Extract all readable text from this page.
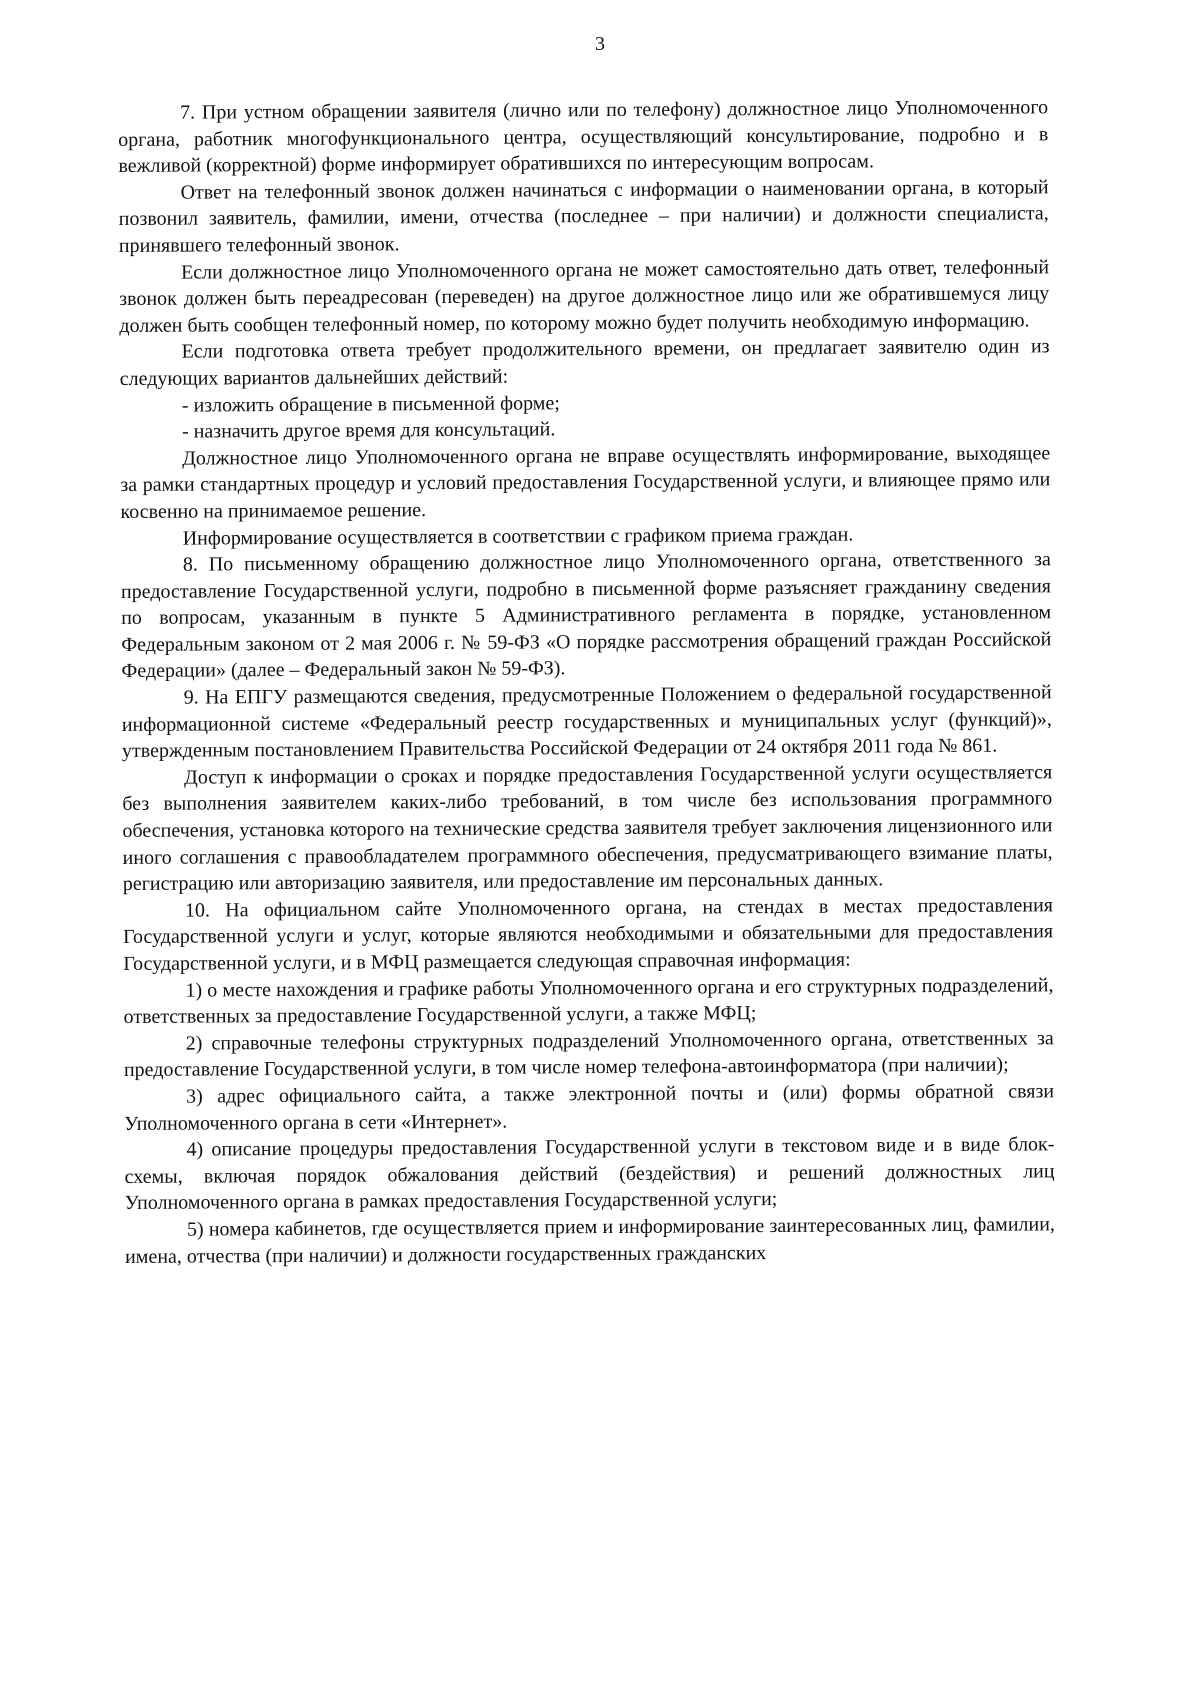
3

7. При устном обращении заявителя (лично или по телефону) должностное лицо Уполномоченного органа, работник многофункционального центра, осуществляющий консультирование, подробно и в вежливой (корректной) форме информирует обратившихся по интересующим вопросам.

Ответ на телефонный звонок должен начинаться с информации о наименовании органа, в который позвонил заявитель, фамилии, имени, отчества (последнее – при наличии) и должности специалиста, принявшего телефонный звонок.

Если должностное лицо Уполномоченного органа не может самостоятельно дать ответ, телефонный звонок должен быть переадресован (переведен) на другое должностное лицо или же обратившемуся лицу должен быть сообщен телефонный номер, по которому можно будет получить необходимую информацию.

Если подготовка ответа требует продолжительного времени, он предлагает заявителю один из следующих вариантов дальнейших действий:

- изложить обращение в письменной форме;

- назначить другое время для консультаций.

Должностное лицо Уполномоченного органа не вправе осуществлять информирование, выходящее за рамки стандартных процедур и условий предоставления Государственной услуги, и влияющее прямо или косвенно на принимаемое решение.

Информирование осуществляется в соответствии с графиком приема граждан.

8. По письменному обращению должностное лицо Уполномоченного органа, ответственного за предоставление Государственной услуги, подробно в письменной форме разъясняет гражданину сведения по вопросам, указанным в пункте 5 Административного регламента в порядке, установленном Федеральным законом от 2 мая 2006 г. № 59-ФЗ «О порядке рассмотрения обращений граждан Российской Федерации» (далее – Федеральный закон № 59-ФЗ).

9. На ЕПГУ размещаются сведения, предусмотренные Положением о федеральной государственной информационной системе «Федеральный реестр государственных и муниципальных услуг (функций)», утвержденным постановлением Правительства Российской Федерации от 24 октября 2011 года № 861.

Доступ к информации о сроках и порядке предоставления Государственной услуги осуществляется без выполнения заявителем каких-либо требований, в том числе без использования программного обеспечения, установка которого на технические средства заявителя требует заключения лицензионного или иного соглашения с правообладателем программного обеспечения, предусматривающего взимание платы, регистрацию или авторизацию заявителя, или предоставление им персональных данных.

10. На официальном сайте Уполномоченного органа, на стендах в местах предоставления Государственной услуги и услуг, которые являются необходимыми и обязательными для предоставления Государственной услуги, и в МФЦ размещается следующая справочная информация:

1) о месте нахождения и графике работы Уполномоченного органа и его структурных подразделений, ответственных за предоставление Государственной услуги, а также МФЦ;

2) справочные телефоны структурных подразделений Уполномоченного органа, ответственных за предоставление Государственной услуги, в том числе номер телефона-автоинформатора (при наличии);

3) адрес официального сайта, а также электронной почты и (или) формы обратной связи Уполномоченного органа в сети «Интернет».

4) описание процедуры предоставления Государственной услуги в текстовом виде и в виде блок-схемы, включая порядок обжалования действий (бездействия) и решений должностных лиц Уполномоченного органа в рамках предоставления Государственной услуги;

5) номера кабинетов, где осуществляется прием и информирование заинтересованных лиц, фамилии, имена, отчества (при наличии) и должности государственных гражданских
